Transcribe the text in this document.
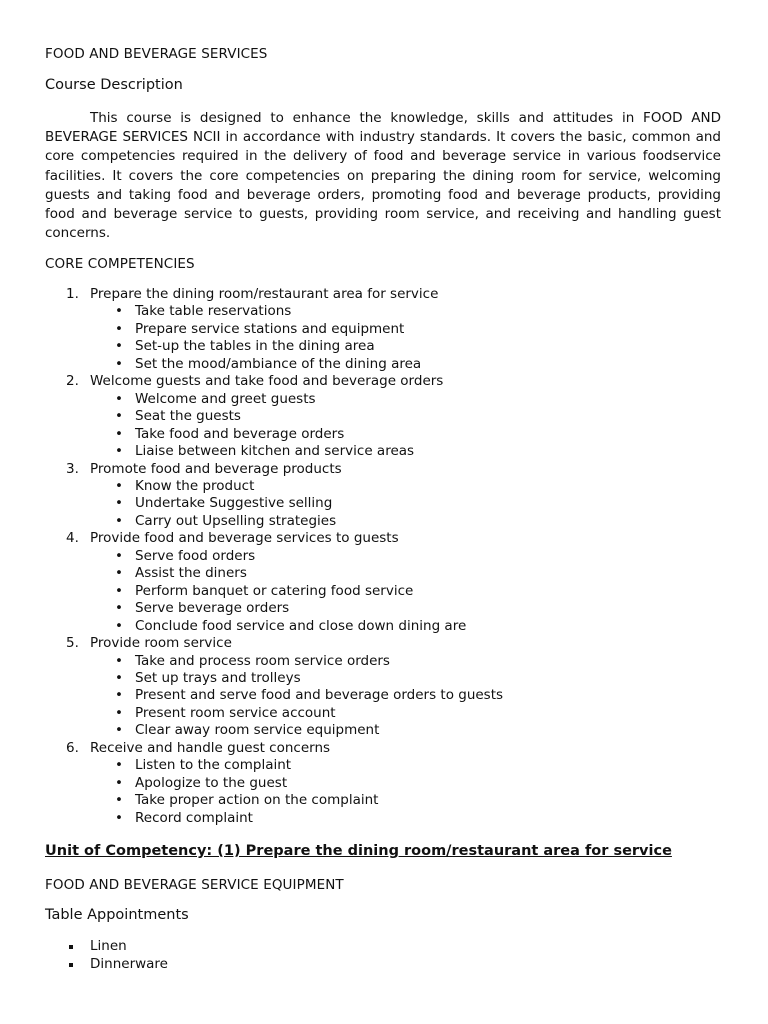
FOOD AND BEVERAGE SERVICES
Course Description
This course is designed to enhance the knowledge, skills and attitudes in FOOD AND BEVERAGE SERVICES NCII in accordance with industry standards. It covers the basic, common and core competencies required in the delivery of food and beverage service in various foodservice facilities. It covers the core competencies on preparing the dining room for service, welcoming guests and taking food and beverage orders, promoting food and beverage products, providing food and beverage service to guests, providing room service, and receiving and handling guest concerns.
CORE COMPETENCIES
1. Prepare the dining room/restaurant area for service
• Take table reservations
• Prepare service stations and equipment
• Set-up the tables in the dining area
• Set the mood/ambiance of the dining area
2. Welcome guests and take food and beverage orders
• Welcome and greet guests
• Seat the guests
• Take food and beverage orders
• Liaise between kitchen and service areas
3. Promote food and beverage products
• Know the product
• Undertake Suggestive selling
• Carry out Upselling strategies
4. Provide food and beverage services to guests
• Serve food orders
• Assist the diners
• Perform banquet or catering food service
• Serve beverage orders
• Conclude food service and close down dining are
5. Provide room service
• Take and process room service orders
• Set up trays and trolleys
• Present and serve food and beverage orders to guests
• Present room service account
• Clear away room service equipment
6. Receive and handle guest concerns
• Listen to the complaint
• Apologize to the guest
• Take proper action on the complaint
• Record complaint
Unit of Competency: (1) Prepare the dining room/restaurant area for service
FOOD AND BEVERAGE SERVICE EQUIPMENT
Table Appointments
Linen
Dinnerware
